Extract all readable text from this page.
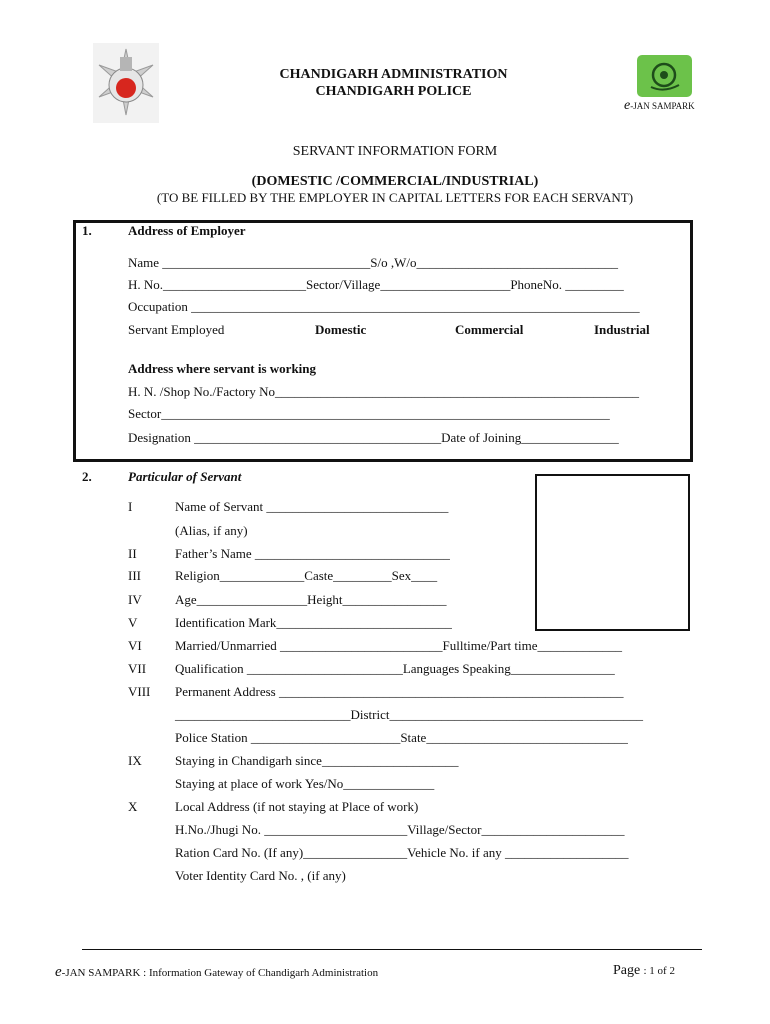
e-JAN SAMPARK
CHANDIGARH ADMINISTRATION
CHANDIGARH POLICE
SERVANT INFORMATION FORM
(DOMESTIC /COMMERCIAL/INDUSTRIAL)
(TO BE FILLED BY THE EMPLOYER IN CAPITAL LETTERS FOR EACH SERVANT)
1.	Address of Employer
Name ________________________________S/o ,W/o_______________________________
H. No.______________________Sector/Village____________________PhoneNo. _________
Occupation _____________________________________________________________________
Servant Employed	Domestic	Commercial	Industrial
Address where servant is working
H. N. /Shop No./Factory No________________________________________________________
Sector_____________________________________________________________________
Designation ______________________________________Date of Joining_______________
2.	Particular of Servant
I	Name of Servant ____________________________
(Alias, if any)
II	Father’s Name ______________________________
III	Religion_____________Caste_________Sex____
IV	Age_________________Height________________
V	Identification Mark___________________________
VI	Married/Unmarried _________________________Fulltime/Part time_____________
VII Qualification ________________________Languages Speaking________________
VIII Permanent Address _____________________________________________________
___________________________District_______________________________________
Police Station _______________________State_______________________________
IX	Staying in Chandigarh since_____________________
Staying at place of work Yes/No______________
X	Local Address (if not staying at Place of work)
H.No./Jhugi No. ______________________Village/Sector______________________
Ration Card No. (If any)________________Vehicle No. if any ___________________
Voter Identity Card No. , (if any)
e-JAN SAMPARK : Information Gateway of Chandigarh Administration	Page : 1 of 2
